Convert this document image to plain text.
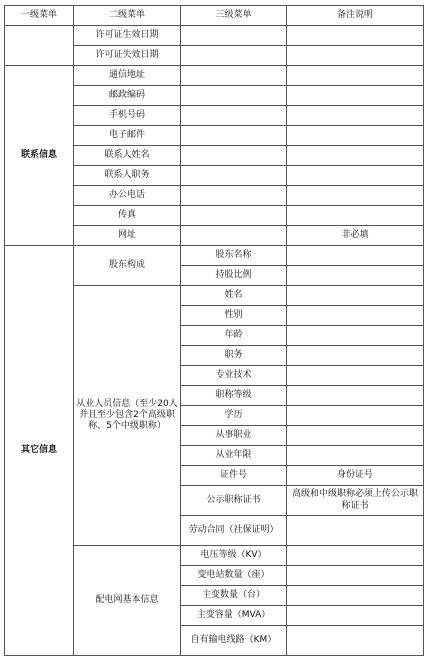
一级菜单	二级菜单	三级菜单	备注说明
	许可证生效日期		
	许可证失效日期		
联系信息	通信地址		
	邮政编码		
	手机号码		
	电子邮件		
	联系人姓名		
	联系人职务		
	办公电话		
	传真		
	网址		非必填
其它信息	股东构成	股东名称	
		持股比例	
	从业人员信息（至少20人并且至少包含2个高级职称、5个中级职称）	姓名	
		性别	
		年龄	
		职务	
		专业技术	
		职称等级	
		学历	
		从事职业	
		从业年限	
		证件号	身份证号
		公示职称证书	高级和中级职称必须上传公示职称证书
		劳动合同（社保证明）	
	配电网基本信息	电压等级（KV）	
		变电站数量（座）	
		主变数量（台）	
		主变容量（MVA）	
		自有输电线路（KM）	
